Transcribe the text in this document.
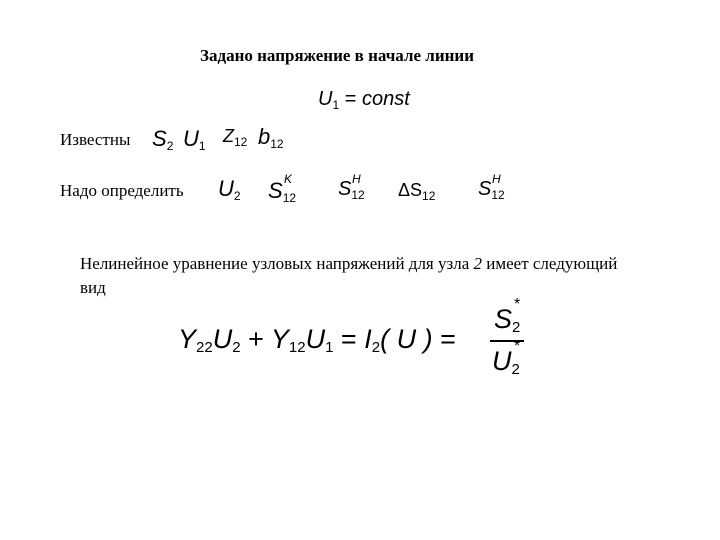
Задано напряжение в начале линии
$U_1$ = const
Известны S2 U1 $Z_{12}$ b12
Надо определить U2 S12
K $S_{12}$
Н
$\Delta S_{12}$ $S_{12}$
H
Нелинейное уравнение узловых напряжений для узла 2 имеет следующий вид
Y22U2 + Y12U1 = I2( U ) =
S2
*
U2
*
